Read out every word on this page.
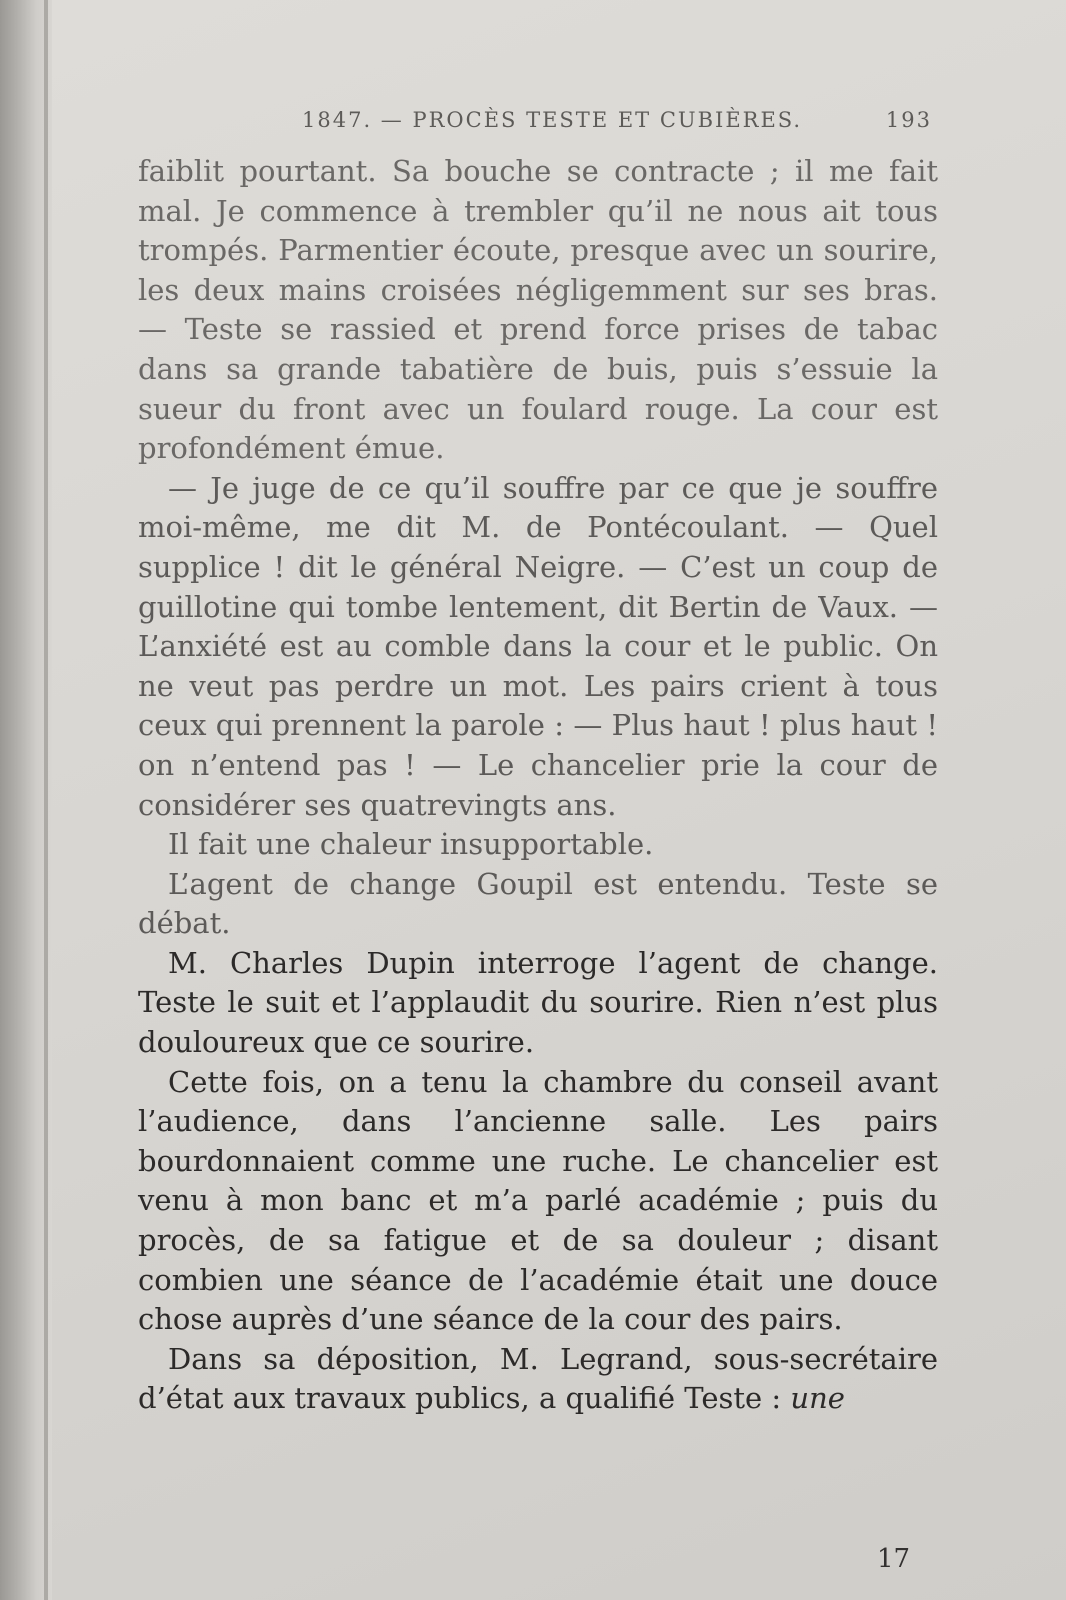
1847. — PROCÈS TESTE ET CUBIÈRES.	193

faiblit pourtant. Sa bouche se contracte ; il me fait mal. Je commence à trembler qu’il ne nous ait tous trompés. Parmentier écoute, presque avec un sourire, les deux mains croisées négligemment sur ses bras. — Teste se rassied et prend force prises de tabac dans sa grande tabatière de buis, puis s’essuie la sueur du front avec un foulard rouge. La cour est profondément émue.

— Je juge de ce qu’il souffre par ce que je souffre moi-même, me dit M. de Pontécoulant. — Quel supplice ! dit le général Neigre. — C’est un coup de guillotine qui tombe lentement, dit Bertin de Vaux. — L’anxiété est au comble dans la cour et le public. On ne veut pas perdre un mot. Les pairs crient à tous ceux qui prennent la parole : — Plus haut ! plus haut ! on n’entend pas ! — Le chancelier prie la cour de considérer ses quatrevingts ans.

Il fait une chaleur insupportable.

L’agent de change Goupil est entendu. Teste se débat.

M. Charles Dupin interroge l’agent de change. Teste le suit et l’applaudit du sourire. Rien n’est plus douloureux que ce sourire.

Cette fois, on a tenu la chambre du conseil avant l’audience, dans l’ancienne salle. Les pairs bourdonnaient comme une ruche. Le chancelier est venu à mon banc et m’a parlé académie ; puis du procès, de sa fatigue et de sa douleur ; disant combien une séance de l’académie était une douce chose auprès d’une séance de la cour des pairs.

Dans sa déposition, M. Legrand, sous-secrétaire d’état aux travaux publics, a qualifié Teste : une

17
